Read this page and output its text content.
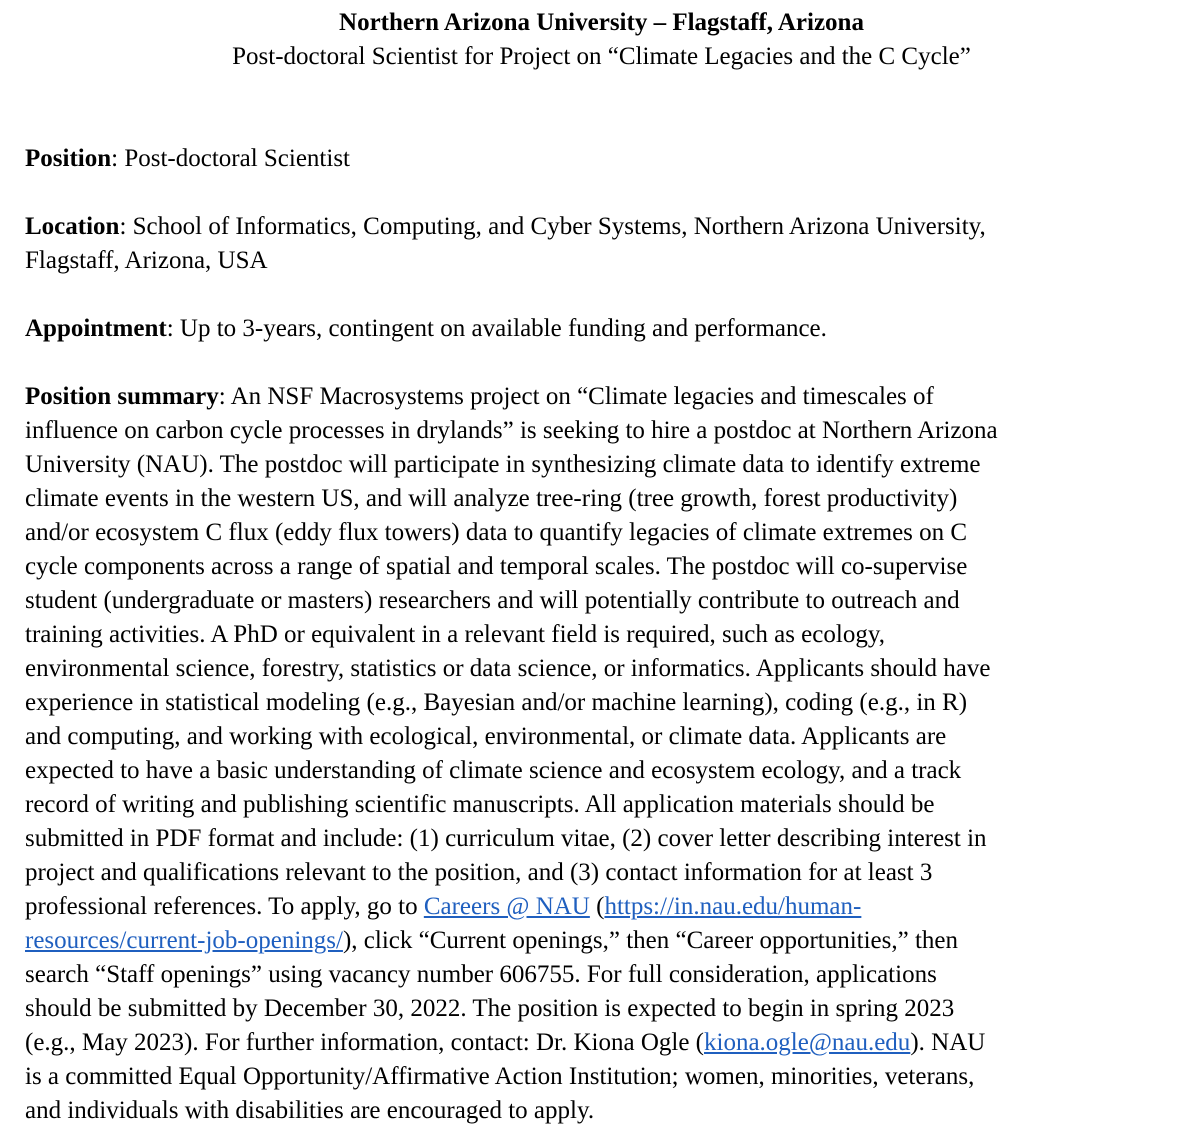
Northern Arizona University – Flagstaff, Arizona

Post-doctoral Scientist for Project on “Climate Legacies and the C Cycle”

Position: Post-doctoral Scientist

Location: School of Informatics, Computing, and Cyber Systems, Northern Arizona University,
Flagstaff, Arizona, USA

Appointment: Up to 3-years, contingent on available funding and performance.

Position summary: An NSF Macrosystems project on “Climate legacies and timescales of
influence on carbon cycle processes in drylands” is seeking to hire a postdoc at Northern Arizona
University (NAU). The postdoc will participate in synthesizing climate data to identify extreme
climate events in the western US, and will analyze tree-ring (tree growth, forest productivity)
and/or ecosystem C flux (eddy flux towers) data to quantify legacies of climate extremes on C
cycle components across a range of spatial and temporal scales. The postdoc will co-supervise
student (undergraduate or masters) researchers and will potentially contribute to outreach and
training activities. A PhD or equivalent in a relevant field is required, such as ecology,
environmental science, forestry, statistics or data science, or informatics. Applicants should have
experience in statistical modeling (e.g., Bayesian and/or machine learning), coding (e.g., in R)
and computing, and working with ecological, environmental, or climate data. Applicants are
expected to have a basic understanding of climate science and ecosystem ecology, and a track
record of writing and publishing scientific manuscripts. All application materials should be
submitted in PDF format and include: (1) curriculum vitae, (2) cover letter describing interest in
project and qualifications relevant to the position, and (3) contact information for at least 3
professional references. To apply, go to Careers @ NAU (https://in.nau.edu/human-
resources/current-job-openings/), click “Current openings,” then “Career opportunities,” then
search “Staff openings” using vacancy number 606755. For full consideration, applications
should be submitted by December 30, 2022. The position is expected to begin in spring 2023
(e.g., May 2023). For further information, contact: Dr. Kiona Ogle (kiona.ogle@nau.edu). NAU
is a committed Equal Opportunity/Affirmative Action Institution; women, minorities, veterans,
and individuals with disabilities are encouraged to apply.
